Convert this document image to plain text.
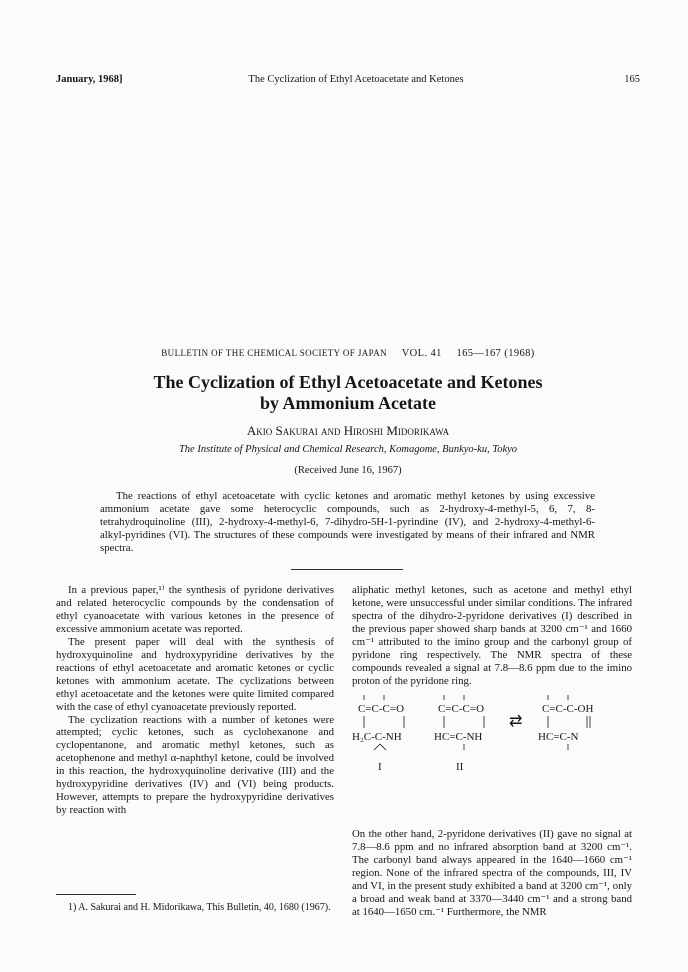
January, 1968]	The Cyclization of Ethyl Acetoacetate and Ketones	165
BULLETIN OF THE CHEMICAL SOCIETY OF JAPAN VOL. 41 165—167 (1968)
The Cyclization of Ethyl Acetoacetate and Ketones
by Ammonium Acetate
Akio Sakurai and Hiroshi Midorikawa
The Institute of Physical and Chemical Research, Komagome, Bunkyo-ku, Tokyo
(Received June 16, 1967)

The reactions of ethyl acetoacetate with cyclic ketones and aromatic methyl ketones by using excessive ammonium acetate gave some heterocyclic compounds, such as 2-hydroxy-4-methyl-5, 6, 7, 8-tetrahydroquinoline (III), 2-hydroxy-4-methyl-6, 7-dihydro-5H-1-pyrindine (IV), and 2-hydroxy-4-methyl-6-alkyl-pyridines (VI). The structures of these compounds were investigated by means of their infrared and NMR spectra.

In a previous paper,¹⁾ the synthesis of pyridone derivatives and related heterocyclic compounds by the condensation of ethyl cyanoacetate with various ketones in the presence of excessive ammonium acetate was reported.

The present paper will deal with the synthesis of hydroxyquinoline and hydroxypyridine derivatives by the reactions of ethyl acetoacetate and aromatic ketones or cyclic ketones with ammonium acetate. The cyclizations between ethyl acetoacetate and the ketones were quite limited compared with the case of ethyl cyanoacetate previously reported.

The cyclization reactions with a number of ketones were attempted; cyclic ketones, such as cyclohexanone and cyclopentanone, and aromatic methyl ketones, such as acetophenone and methyl α-naphthyl ketone, could be involved in this reaction, the hydroxyquinoline derivative (III) and the hydroxypyridine derivatives (IV) and (VI) being products. However, attempts to prepare the hydroxypyridine derivatives by reaction with

1) A. Sakurai and H. Midorikawa, This Bulletin, 40, 1680 (1967).

aliphatic methyl ketones, such as acetone and methyl ethyl ketone, were unsuccessful under similar conditions. The infrared spectra of the dihydro-2-pyridone derivatives (I) described in the previous paper showed sharp bands at 3200 cm⁻¹ and 1660 cm⁻¹ attributed to the imino group and the carbonyl group of pyridone ring respectively. The NMR spectra of these compounds revealed a signal at 7.8—8.6 ppm due to the imino proton of the pyridone ring.

C=C-C=O
H₂C-C-NH
I
C=C-C=O
HC=C-NH
II
⇄
C=C-C-OH
HC=C-N

On the other hand, 2-pyridone derivatives (II) gave no signal at 7.8—8.6 ppm and no infrared absorption band at 3200 cm⁻¹. The carbonyl band always appeared in the 1640—1660 cm⁻¹ region. None of the infrared spectra of the compounds, III, IV and VI, in the present study exhibited a band at 3200 cm⁻¹, only a broad and weak band at 3370—3440 cm⁻¹ and a strong band at 1640—1650 cm.⁻¹ Furthermore, the NMR
